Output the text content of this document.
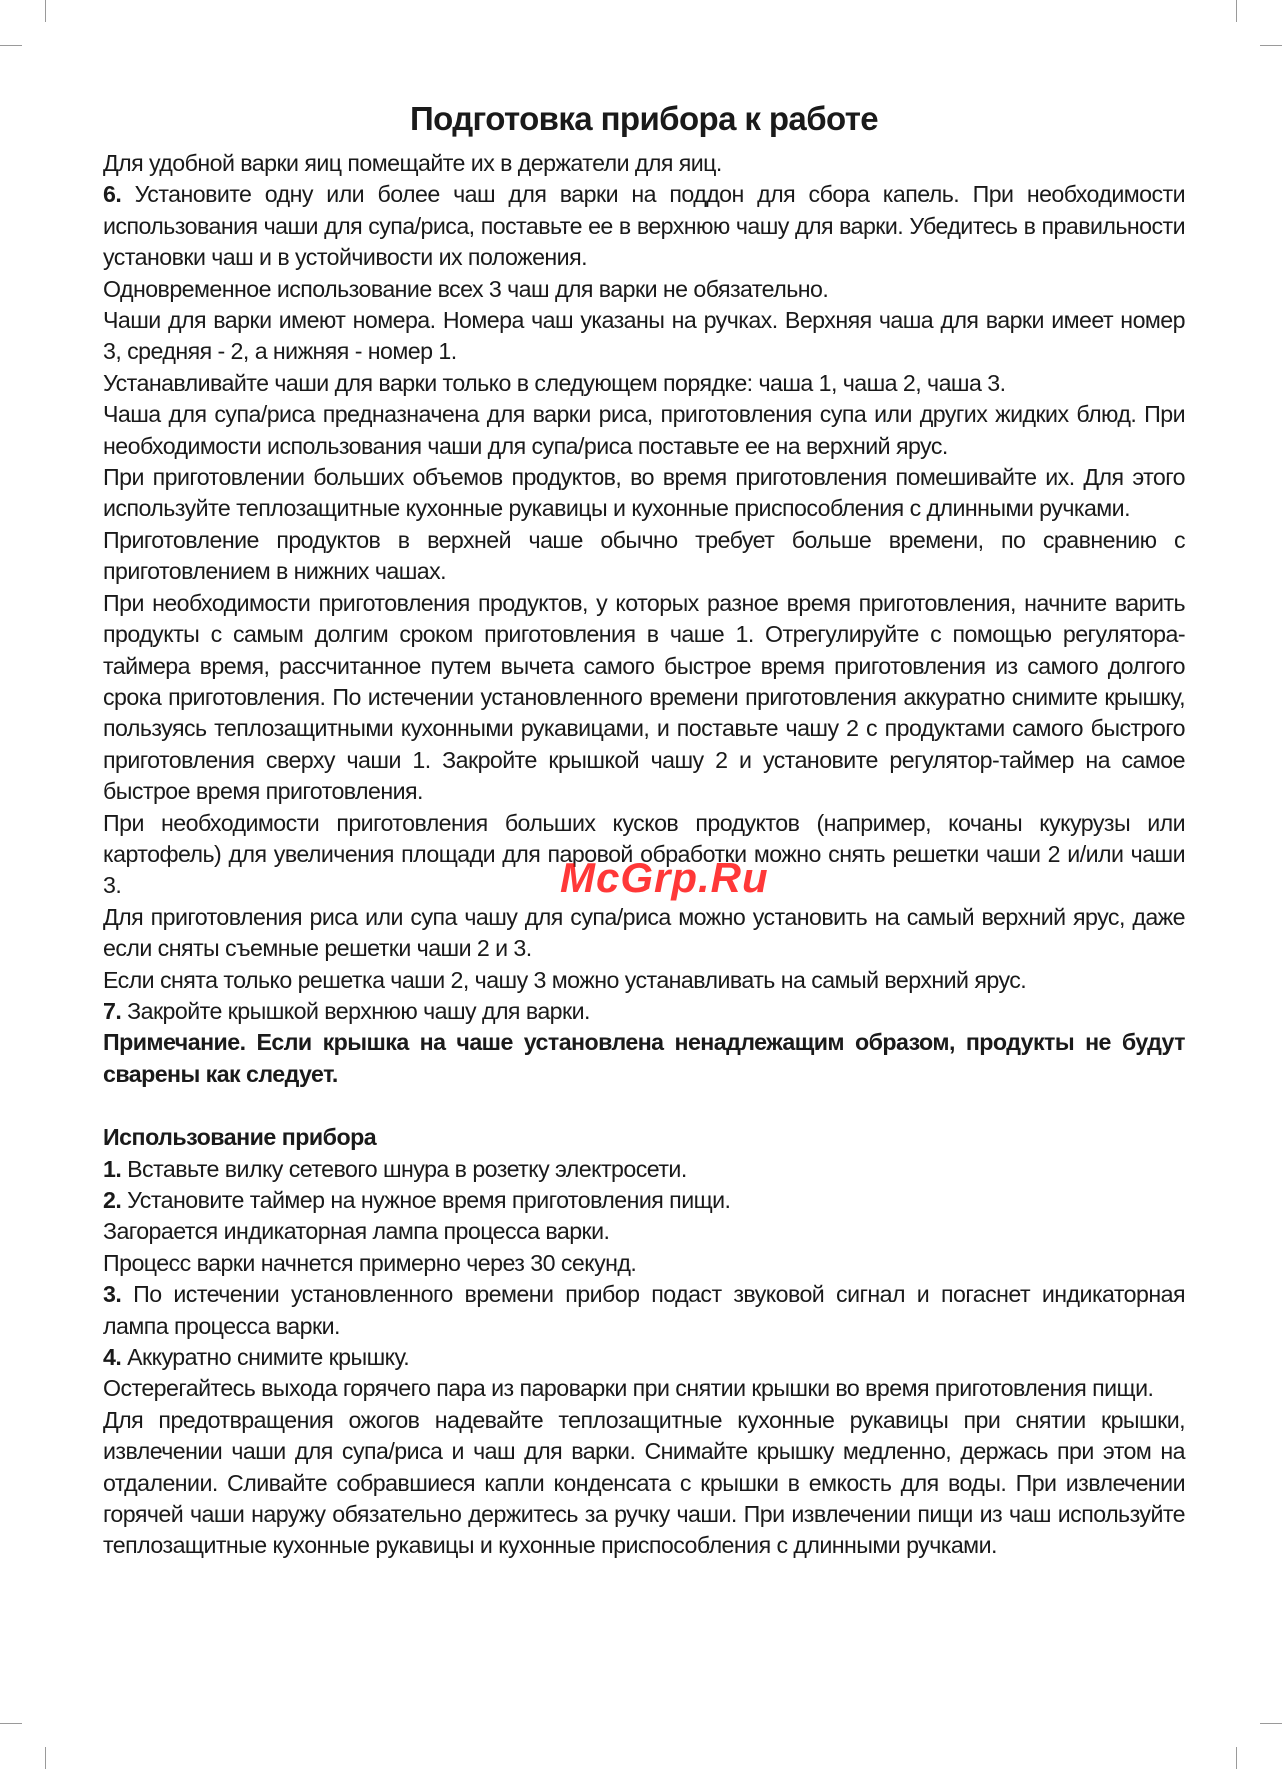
Подготовка прибора к работе

Для удобной варки яиц помещайте их в держатели для яиц.

6. Установите одну или более чаш для варки на поддон для сбора капель. При необходимости использования чаши для супа/риса, поставьте ее в верхнюю чашу для варки. Убедитесь в правильности установки чаш и в устойчивости их положения.

Одновременное использование всех 3 чаш для варки не обязательно.

Чаши для варки имеют номера. Номера чаш указаны на ручках. Верхняя чаша для варки имеет номер 3, средняя - 2, а нижняя - номер 1.

Устанавливайте чаши для варки только в следующем порядке: чаша 1, чаша 2, чаша 3.

Чаша для супа/риса предназначена для варки риса, приготовления супа или других жидких блюд. При необходимости использования чаши для супа/риса поставьте ее на верхний ярус.

При приготовлении больших объемов продуктов, во время приготовления помешивайте их. Для этого используйте теплозащитные кухонные рукавицы и кухонные приспособления с длинными ручками.

Приготовление продуктов в верхней чаше обычно требует больше времени, по сравнению с приготовлением в нижних чашах.

При необходимости приготовления продуктов, у которых разное время приготовления, начните варить продукты с самым долгим сроком приготовления в чаше 1. Отрегулируйте с помощью регулятора-таймера время, рассчитанное путем вычета самого быстрое время приготовления из самого долгого срока приготовления. По истечении установленного времени приготовления аккуратно снимите крышку, пользуясь теплозащитными кухонными рукавицами, и поставьте чашу 2 с продуктами самого быстрого приготовления сверху чаши 1. Закройте крышкой чашу 2 и установите регулятор-таймер на самое быстрое время приготовления.

При необходимости приготовления больших кусков продуктов (например, кочаны кукурузы или картофель) для увеличения площади для паровой обработки можно снять решетки чаши 2 и/или чаши 3.

Для приготовления риса или супа чашу для супа/риса можно установить на самый верхний ярус, даже если сняты съемные решетки чаши 2 и 3.

Если снята только решетка чаши 2, чашу 3 можно устанавливать на самый верхний ярус.

7. Закройте крышкой верхнюю чашу для варки.

Примечание. Если крышка на чаше установлена ненадлежащим образом, продукты не будут сварены как следует.

Использование прибора

1. Вставьте вилку сетевого шнура в розетку электросети.

2. Установите таймер на нужное время приготовления пищи.

Загорается индикаторная лампа процесса варки.

Процесс варки начнется примерно через 30 секунд.

3. По истечении установленного времени прибор подаст звуковой сигнал и погаснет индикаторная лампа процесса варки.

4. Аккуратно снимите крышку.

Остерегайтесь выхода горячего пара из пароварки при снятии крышки во время приготовления пищи.

Для предотвращения ожогов надевайте теплозащитные кухонные рукавицы при снятии крышки, извлечении чаши для супа/риса и чаш для варки. Снимайте крышку медленно, держась при этом на отдалении. Сливайте собравшиеся капли конденсата с крышки в емкость для воды. При извлечении горячей чаши наружу обязательно держитесь за ручку чаши. При извлечении пищи из чаш используйте теплозащитные кухонные рукавицы и кухонные приспособления с длинными ручками.

McGrp.Ru
